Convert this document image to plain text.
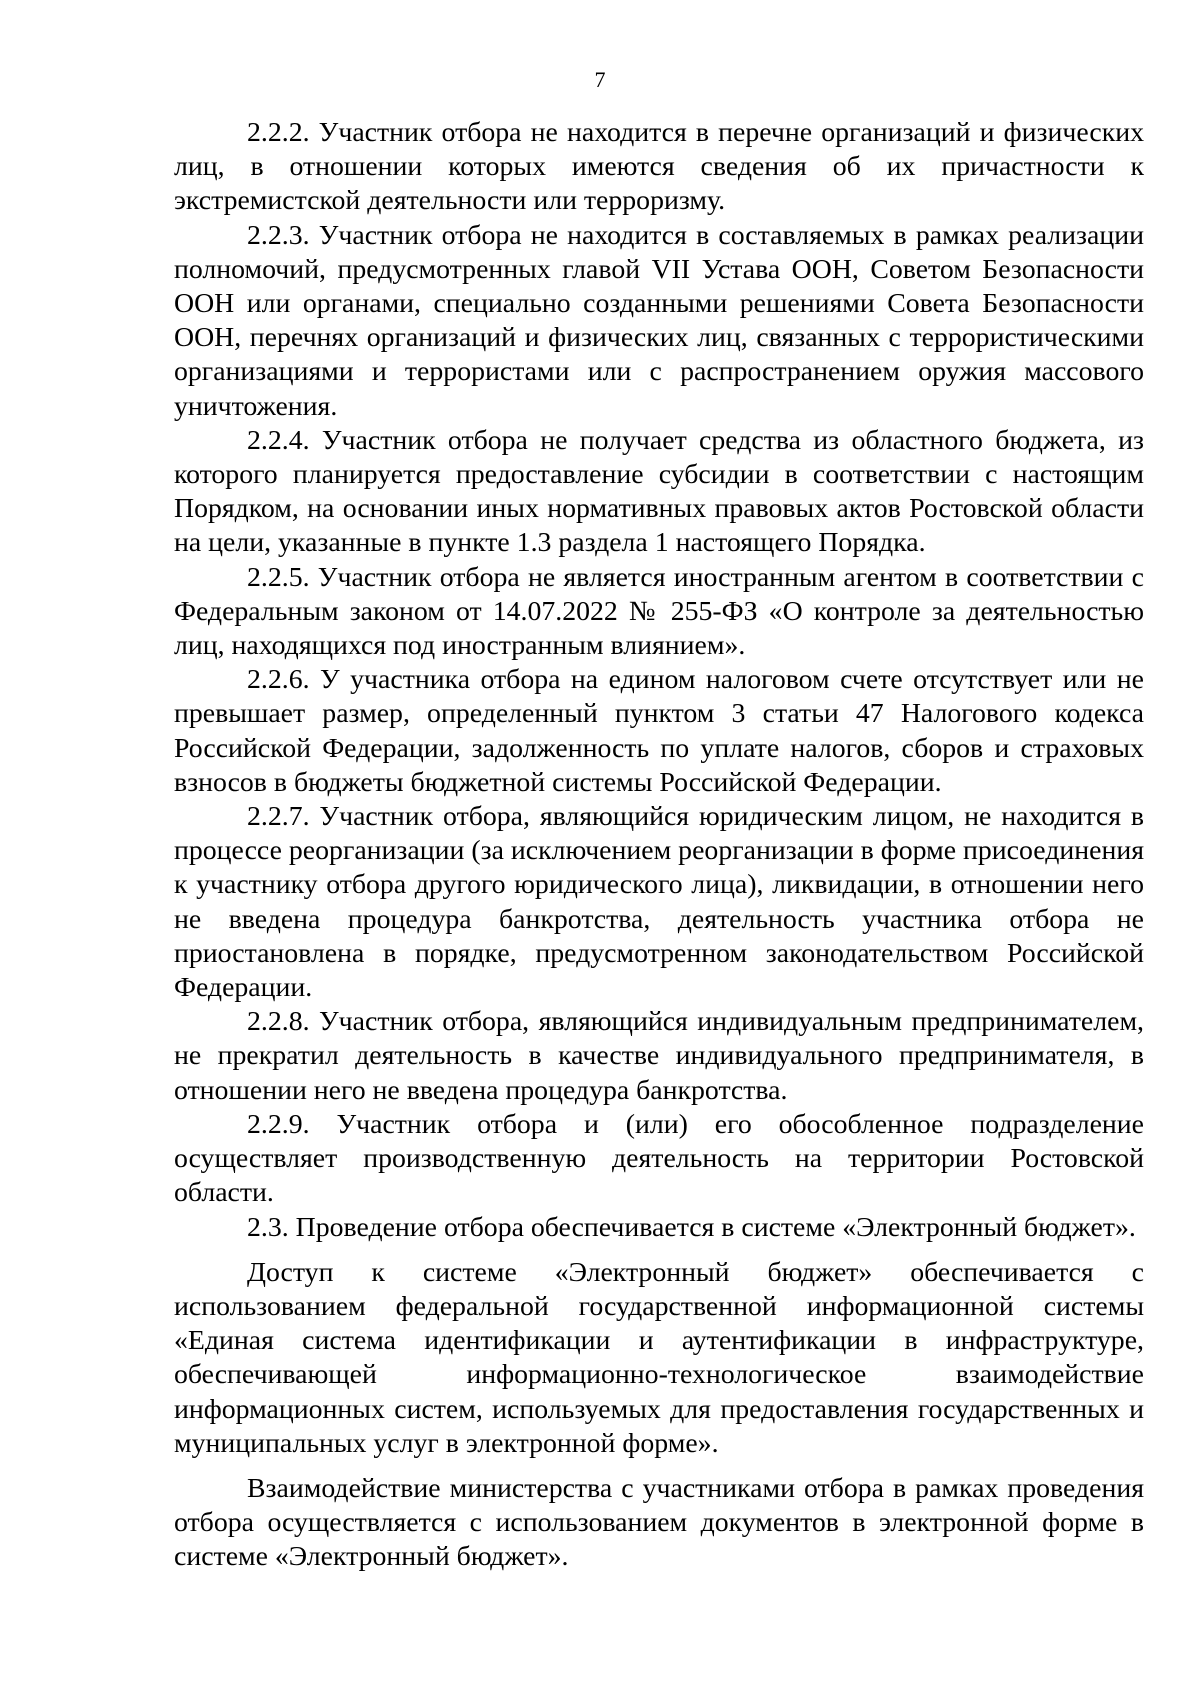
7

2.2.2. Участник отбора не находится в перечне организаций и физических лиц, в отношении которых имеются сведения об их причастности к экстремистской деятельности или терроризму.

2.2.3. Участник отбора не находится в составляемых в рамках реализации полномочий, предусмотренных главой VII Устава ООН, Советом Безопасности ООН или органами, специально созданными решениями Совета Безопасности ООН, перечнях организаций и физических лиц, связанных с террористическими организациями и террористами или с распространением оружия массового уничтожения.

2.2.4. Участник отбора не получает средства из областного бюджета, из которого планируется предоставление субсидии в соответствии с настоящим Порядком, на основании иных нормативных правовых актов Ростовской области на цели, указанные в пункте 1.3 раздела 1 настоящего Порядка.

2.2.5. Участник отбора не является иностранным агентом в соответствии с Федеральным законом от 14.07.2022 № 255-ФЗ «О контроле за деятельностью лиц, находящихся под иностранным влиянием».

2.2.6. У участника отбора на едином налоговом счете отсутствует или не превышает размер, определенный пунктом 3 статьи 47 Налогового кодекса Российской Федерации, задолженность по уплате налогов, сборов и страховых взносов в бюджеты бюджетной системы Российской Федерации.

2.2.7. Участник отбора, являющийся юридическим лицом, не находится в процессе реорганизации (за исключением реорганизации в форме присоединения к участнику отбора другого юридического лица), ликвидации, в отношении него не введена процедура банкротства, деятельность участника отбора не приостановлена в порядке, предусмотренном законодательством Российской Федерации.

2.2.8. Участник отбора, являющийся индивидуальным предпринимателем, не прекратил деятельность в качестве индивидуального предпринимателя, в отношении него не введена процедура банкротства.

2.2.9. Участник отбора и (или) его обособленное подразделение осуществляет производственную деятельность на территории Ростовской области.

2.3. Проведение отбора обеспечивается в системе «Электронный бюджет».

Доступ к системе «Электронный бюджет» обеспечивается с использованием федеральной государственной информационной системы «Единая система идентификации и аутентификации в инфраструктуре, обеспечивающей информационно-технологическое взаимодействие информационных систем, используемых для предоставления государственных и муниципальных услуг в электронной форме».

Взаимодействие министерства с участниками отбора в рамках проведения отбора осуществляется с использованием документов в электронной форме в системе «Электронный бюджет».
